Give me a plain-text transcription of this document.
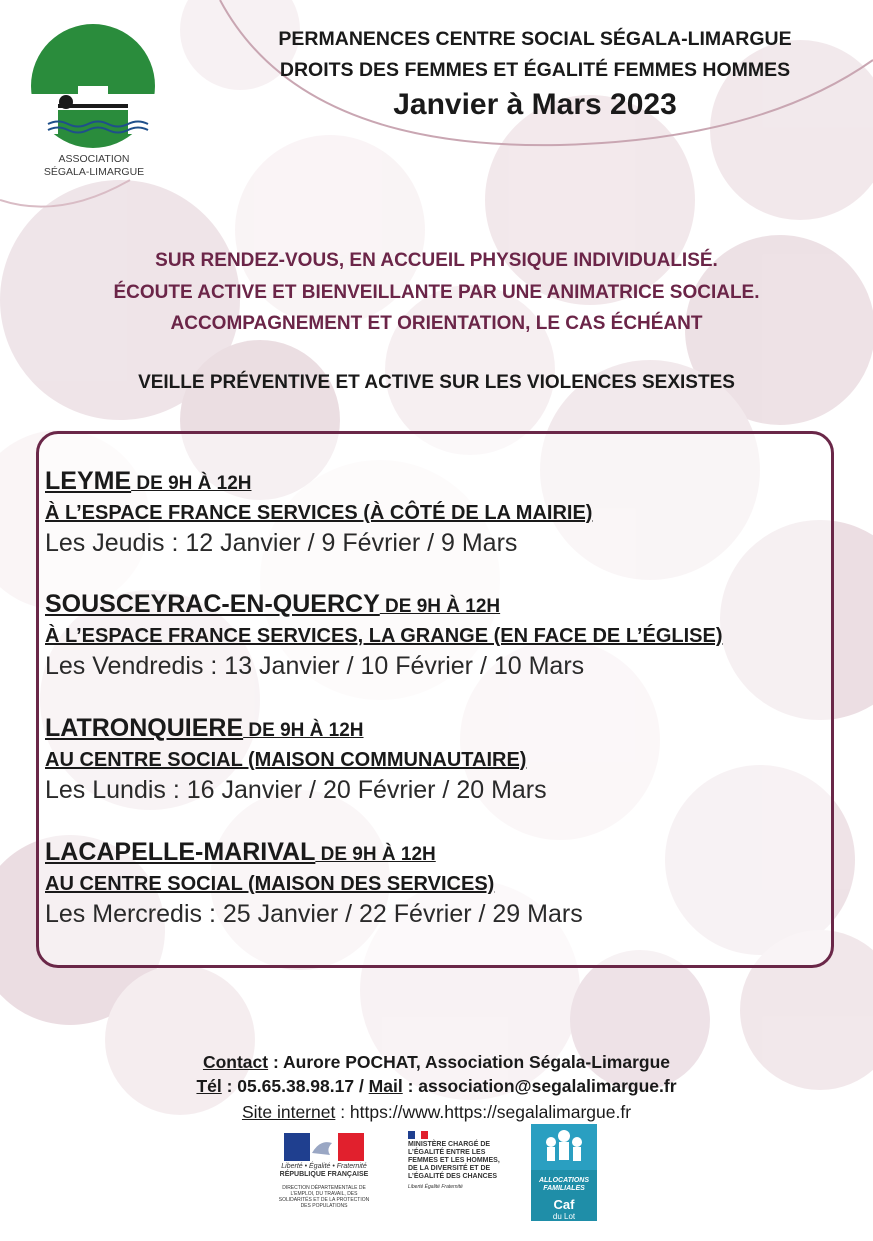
ASSOCIATION
SÉGALA-LIMARGUE
PERMANENCES CENTRE SOCIAL SÉGALA-LIMARGUE
DROITS DES FEMMES ET ÉGALITÉ FEMMES HOMMES
Janvier à Mars 2023
SUR RENDEZ-VOUS, EN ACCUEIL PHYSIQUE INDIVIDUALISÉ.
ÉCOUTE ACTIVE ET BIENVEILLANTE PAR UNE ANIMATRICE SOCIALE.
ACCOMPAGNEMENT ET ORIENTATION, LE CAS ÉCHÉANT
VEILLE PRÉVENTIVE ET ACTIVE SUR LES VIOLENCES SEXISTES
LEYME DE 9H À 12H
À L’ESPACE FRANCE SERVICES (À CÔTÉ DE LA MAIRIE)
Les Jeudis : 12 Janvier / 9 Février / 9 Mars
SOUSCEYRAC-EN-QUERCY DE 9H À 12H
À L’ESPACE FRANCE SERVICES, LA GRANGE (EN FACE DE L’ÉGLISE)
Les Vendredis : 13 Janvier / 10 Février / 10 Mars
LATRONQUIERE DE 9H À 12H
AU CENTRE SOCIAL (MAISON COMMUNAUTAIRE)
Les Lundis : 16 Janvier / 20 Février / 20 Mars
LACAPELLE-MARIVAL DE 9H À 12H
AU CENTRE SOCIAL (MAISON DES SERVICES)
Les Mercredis : 25 Janvier / 22 Février / 29 Mars
Contact : Aurore POCHAT, Association Ségala-Limargue
Tél : 05.65.38.98.17 / Mail : association@segalalimargue.fr
Site internet : https://www.https://segalalimargue.fr
Liberté • Égalité • Fraternité
RÉPUBLIQUE FRANÇAISE
DIRECTION DÉPARTEMENTALE DE L’EMPLOI, DU TRAVAIL, DES SOLIDARITÉS ET DE LA PROTECTION DES POPULATIONS
MINISTÈRE CHARGÉ DE L’ÉGALITÉ ENTRE LES FEMMES ET LES HOMMES, DE LA DIVERSITÉ ET DE L’ÉGALITÉ DES CHANCES
Liberté Égalité Fraternité
ALLOCATIONS FAMILIALES
Caf
du Lot
